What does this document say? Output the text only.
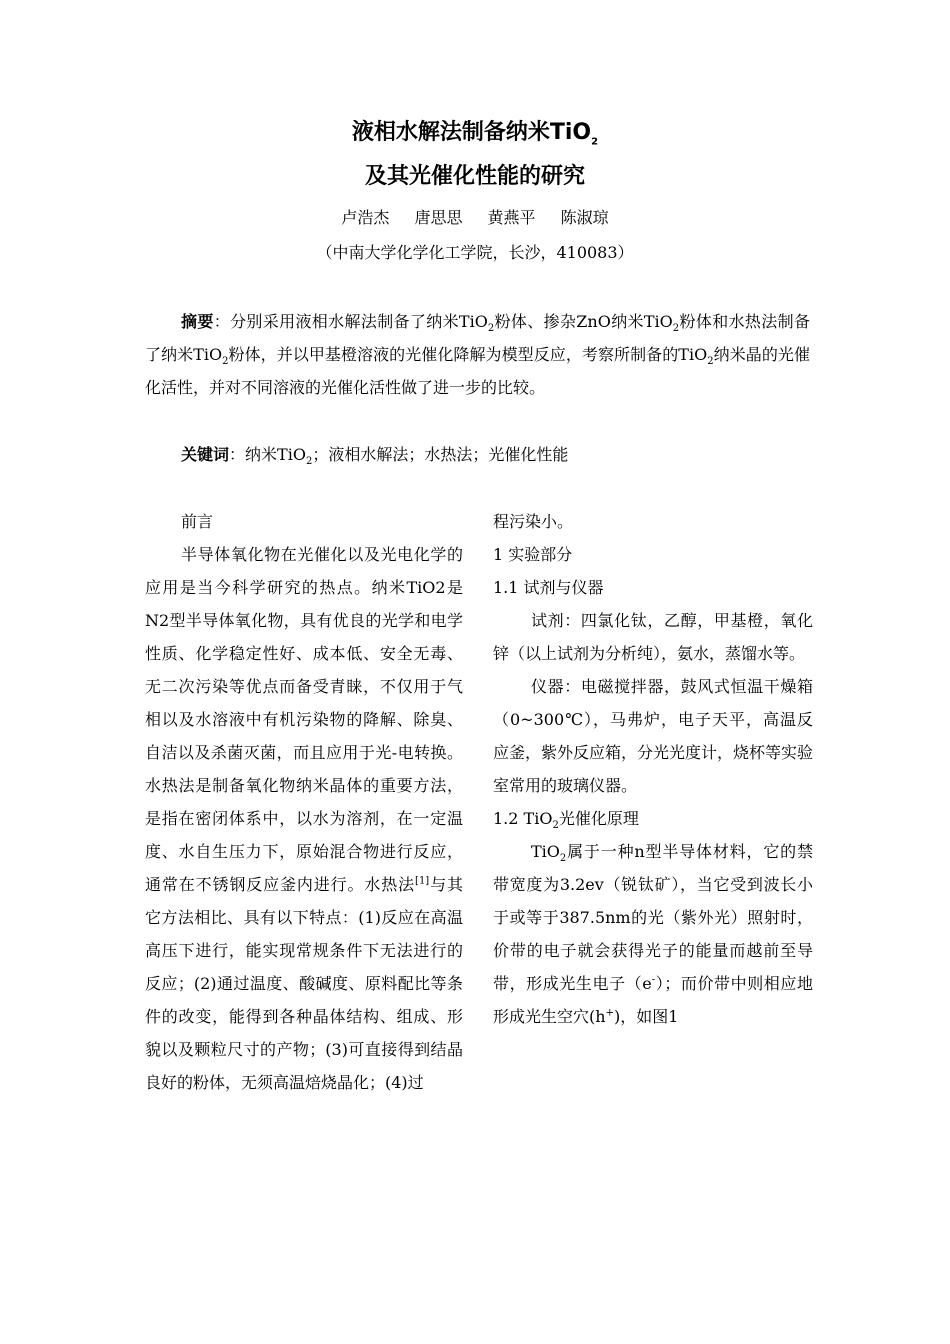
液相水解法制备纳米TiO$_2$
及其光催化性能的研究
卢浩杰 唐思思 黄燕平 陈淑琼
（中南大学化学化工学院，长沙，410083）

摘要：分别采用液相水解法制备了纳米TiO$_2$粉体、掺杂ZnO纳米TiO$_2$粉体和水热法制备了纳米TiO$_2$粉体，并以甲基橙溶液的光催化降解为模型反应，考察所制备的TiO$_2$纳米晶的光催化活性，并对不同溶液的光催化活性做了进一步的比较。

关键词：纳米TiO$_2$；液相水解法；水热法；光催化性能

前言

半导体氧化物在光催化以及光电化学的应用是当今科学研究的热点。纳米TiO2是N2型半导体氧化物，具有优良的光学和电学性质、化学稳定性好、成本低、安全无毒、无二次污染等优点而备受青睐，不仅用于气相以及水溶液中有机污染物的降解、除臭、自洁以及杀菌灭菌，而且应用于光-电转换。水热法是制备氧化物纳米晶体的重要方法，是指在密闭体系中，以水为溶剂，在一定温度、水自生压力下，原始混合物进行反应，通常在不锈钢反应釜内进行。水热法[1]与其它方法相比、具有以下特点：(1)反应在高温高压下进行，能实现常规条件下无法进行的反应；(2)通过温度、酸碱度、原料配比等条件的改变，能得到各种晶体结构、组成、形貌以及颗粒尺寸的产物；(3)可直接得到结晶良好的粉体，无须高温焙烧晶化；(4)过

程污染小。

1 实验部分

1.1 试剂与仪器

试剂：四氯化钛，乙醇，甲基橙，氧化锌（以上试剂为分析纯），氨水，蒸馏水等。

仪器：电磁搅拌器，鼓风式恒温干燥箱（0~300℃），马弗炉，电子天平，高温反应釜，紫外反应箱，分光光度计，烧杯等实验室常用的玻璃仪器。

1.2 TiO$_2$光催化原理

TiO$_2$属于一种n型半导体材料，它的禁带宽度为3.2ev（锐钛矿），当它受到波长小于或等于387.5nm的光（紫外光）照射时，价带的电子就会获得光子的能量而越前至导带，形成光生电子（e-）；而价带中则相应地形成光生空穴(h+)，如图1
